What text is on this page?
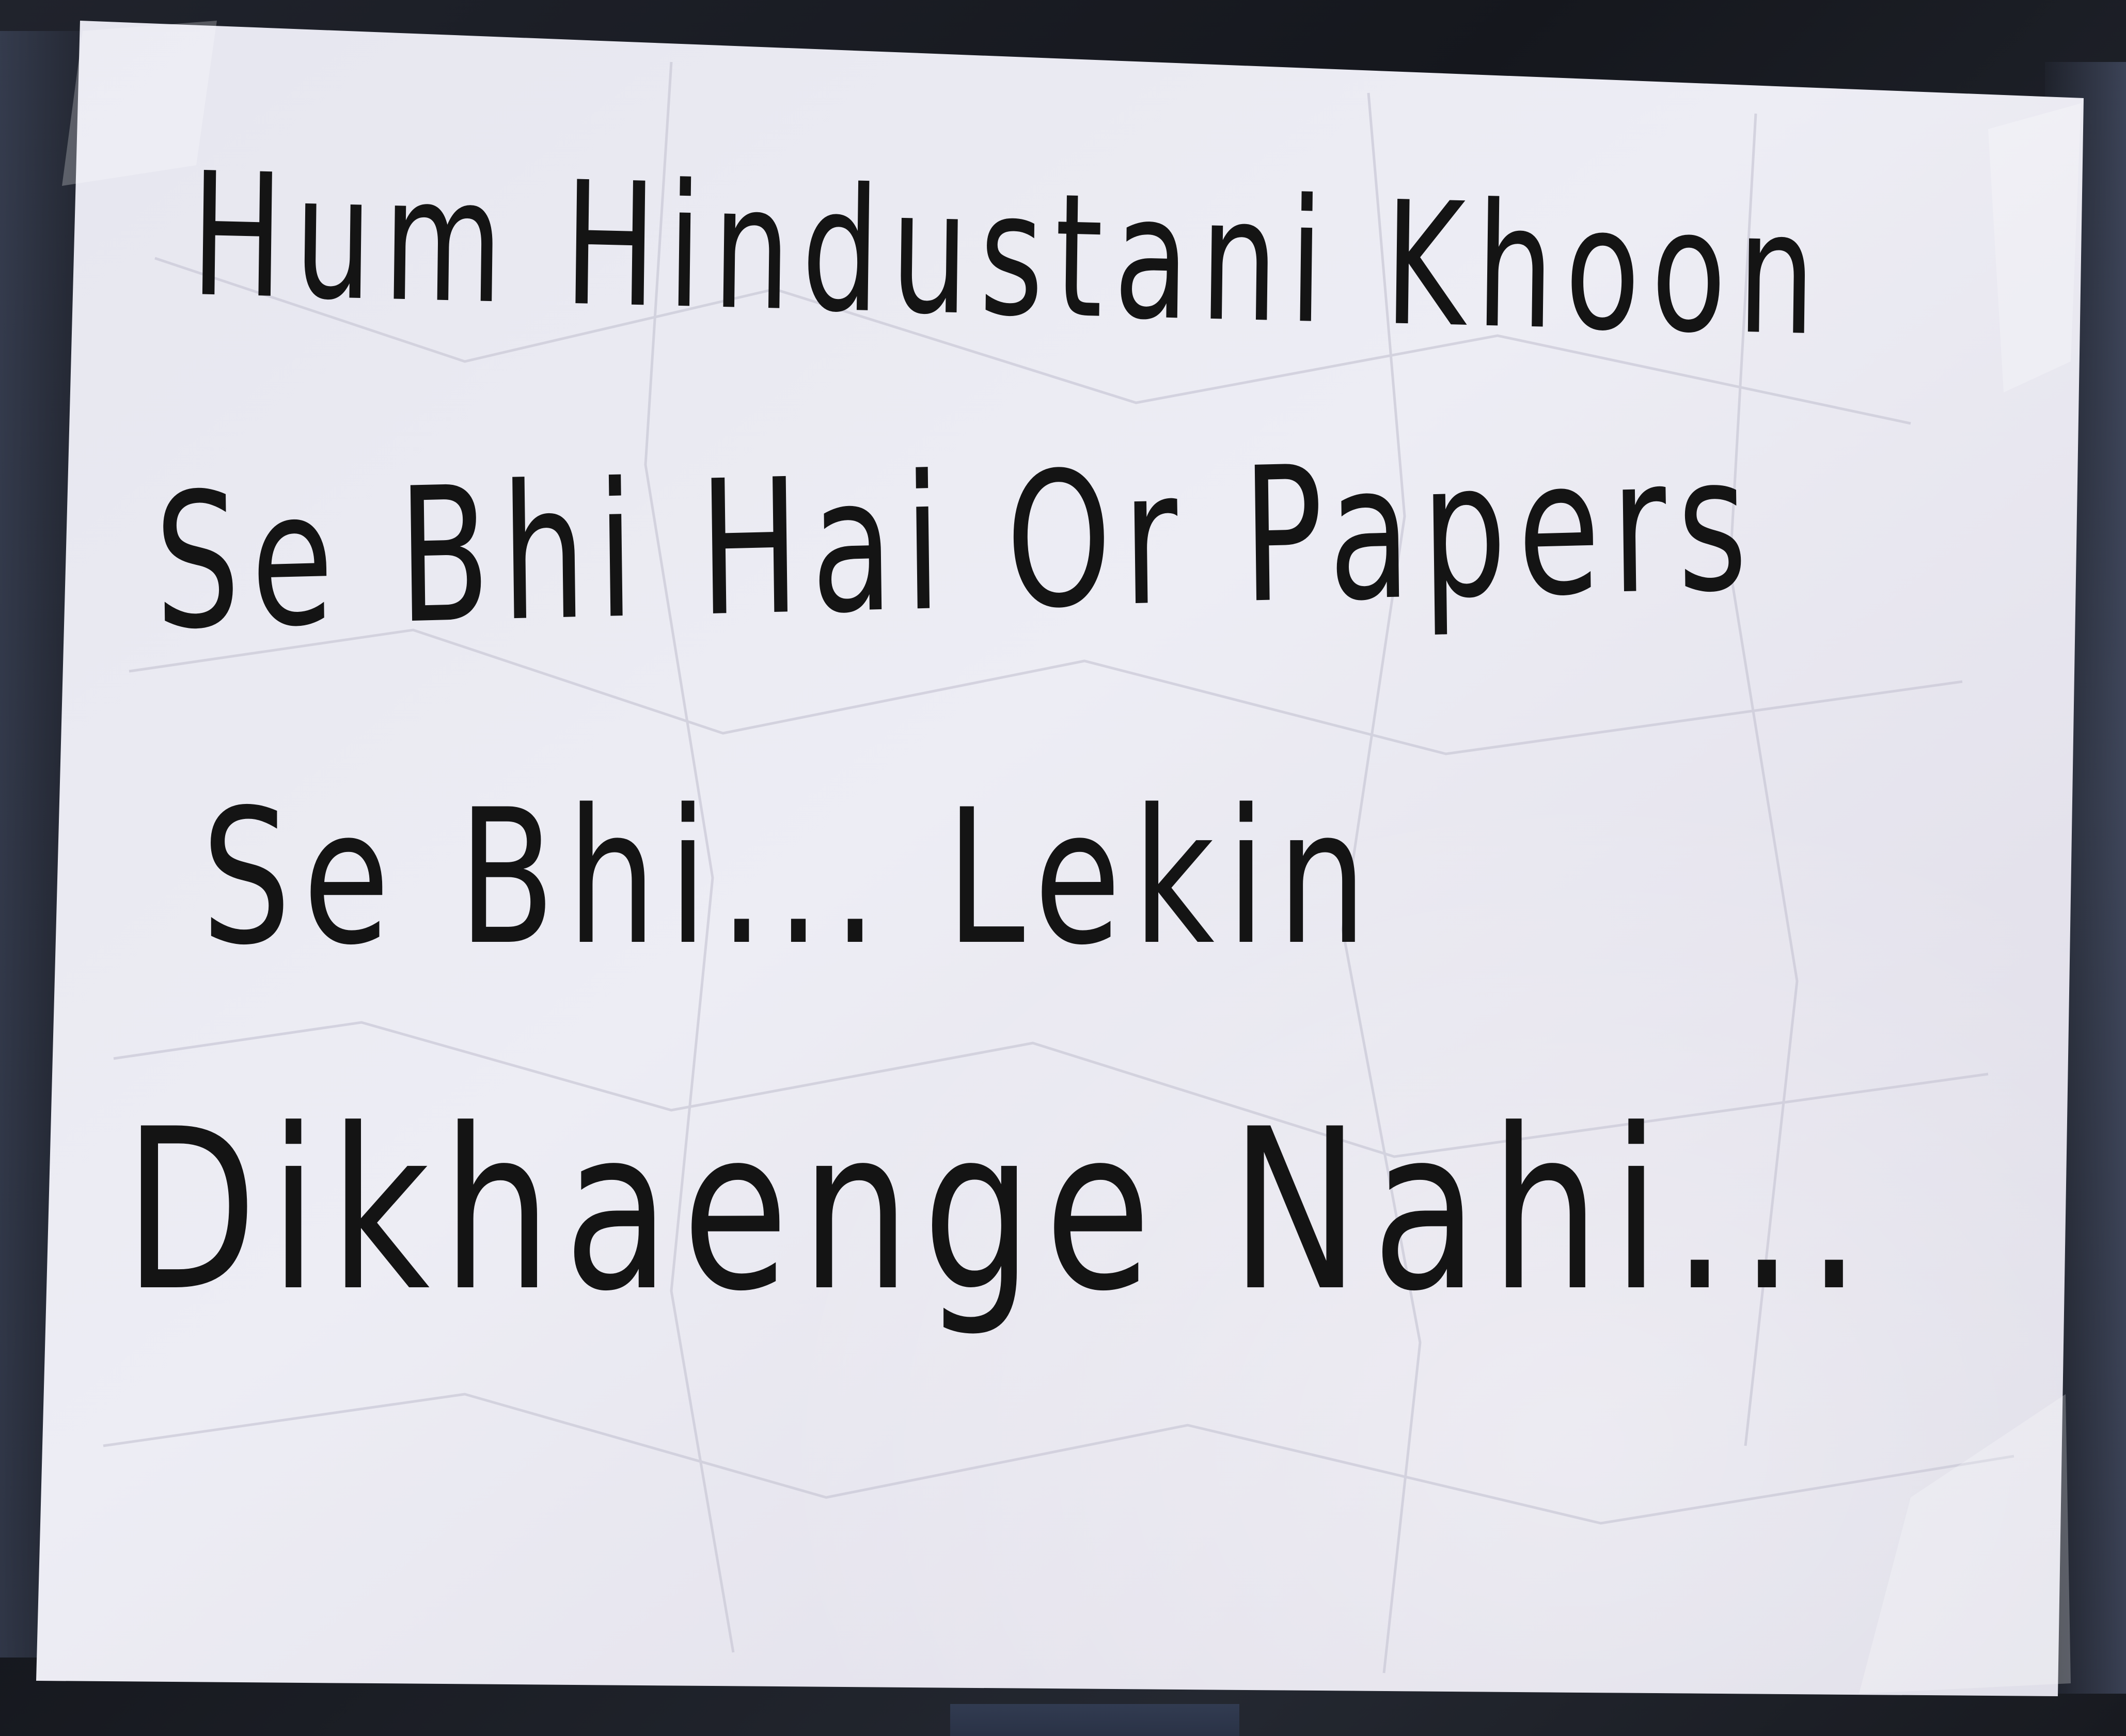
Hum Hindustani Khoon
Se Bhi Hai Or Papers
Se Bhi... Lekin
Dikhaenge Nahi...
